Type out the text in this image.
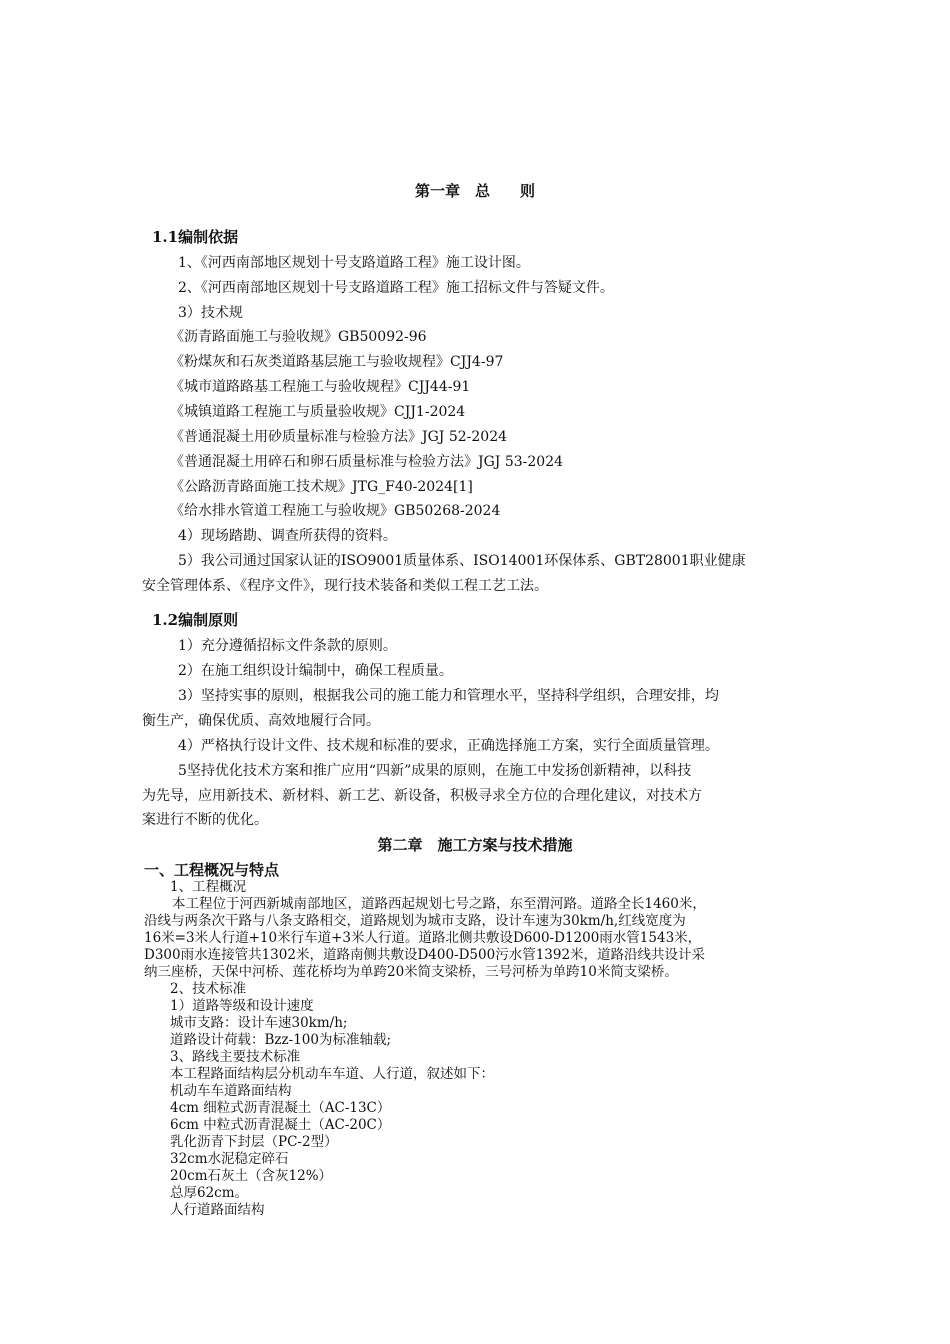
第一章　总　　则
1.1编制依据
1、《河西南部地区规划十号支路道路工程》施工设计图。
2、《河西南部地区规划十号支路道路工程》施工招标文件与答疑文件。
3）技术规
《沥青路面施工与验收规》GB50092-96
《粉煤灰和石灰类道路基层施工与验收规程》CJJ4-97
《城市道路路基工程施工与验收规程》CJJ44-91
《城镇道路工程施工与质量验收规》CJJ1-2024
《普通混凝土用砂质量标准与检验方法》JGJ 52-2024
《普通混凝土用碎石和卵石质量标准与检验方法》JGJ 53-2024
《公路沥青路面施工技术规》JTG_F40-2024[1]
《给水排水管道工程施工与验收规》GB50268-2024
4）现场踏勘、调查所获得的资料。
5）我公司通过国家认证的ISO9001质量体系、ISO14001环保体系、GBT28001职业健康
安全管理体系、《程序文件》，现行技术装备和类似工程工艺工法。
1.2编制原则
1）充分遵循招标文件条款的原则。
2）在施工组织设计编制中，确保工程质量。
3）坚持实事的原则，根据我公司的施工能力和管理水平，坚持科学组织，合理安排，均
衡生产，确保优质、高效地履行合同。
4）严格执行设计文件、技术规和标准的要求，正确选择施工方案，实行全面质量管理。
5坚持优化技术方案和推广应用“四新”成果的原则，在施工中发扬创新精神，以科技
为先导，应用新技术、新材料、新工艺、新设备，积极寻求全方位的合理化建议，对技术方
案进行不断的优化。
第二章　施工方案与技术措施
一、工程概况与特点
1、工程概况
本工程位于河西新城南部地区，道路西起规划七号之路，东至渭河路。道路全长1460米，
沿线与两条次干路与八条支路相交，道路规划为城市支路，设计车速为30km/h,红线宽度为
16米=3米人行道+10米行车道+3米人行道。道路北侧共敷设D600-D1200雨水管1543米，
D300雨水连接管共1302米，道路南侧共敷设D400-D500污水管1392米，道路沿线共设计采
纳三座桥，天保中河桥、莲花桥均为单跨20米简支梁桥，三号河桥为单跨10米简支梁桥。
2、技术标准
1）道路等级和设计速度
城市支路：设计车速30km/h;
道路设计荷载：Bzz-100为标准轴载;
3、路线主要技术标准
本工程路面结构层分机动车车道、人行道，叙述如下：
机动车车道路面结构
4cm 细粒式沥青混凝土（AC-13C）
6cm 中粒式沥青混凝土（AC-20C）
乳化沥青下封层（PC-2型）
32cm水泥稳定碎石
20cm石灰土（含灰12%）
总厚62cm。
人行道路面结构
